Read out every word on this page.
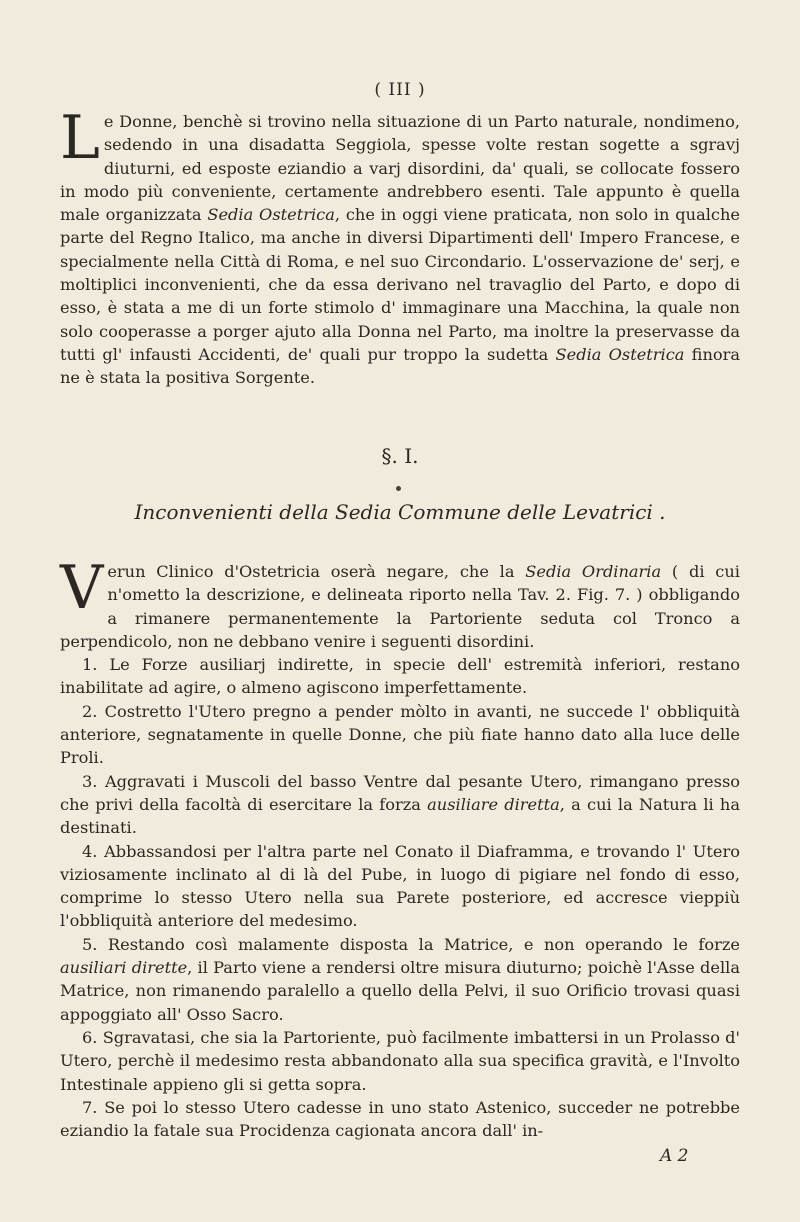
( III )
Le Donne, benchè si trovino nella situazione di un Parto naturale, nondimeno, sedendo in una disadatta Seggiola, spesse volte restan sogette a sgravj diuturni, ed esposte eziandio a varj disordini, da' quali, se collocate fossero in modo più conveniente, certamente andrebbero esenti. Tale appunto è quella male organizzata Sedia Ostetrica, che in oggi viene praticata, non solo in qualche parte del Regno Italico, ma anche in diversi Dipartimenti dell' Impero Francese, e specialmente nella Città di Roma, e nel suo Circondario. L'osservazione de' serj, e moltiplici inconvenienti, che da essa derivano nel travaglio del Parto, e dopo di esso, è stata a me di un forte stimolo d' immaginare una Macchina, la quale non solo cooperasse a porger ajuto alla Donna nel Parto, ma inoltre la preservasse da tutti gl' infausti Accidenti, de' quali pur troppo la sudetta Sedia Ostetrica finora ne è stata la positiva Sorgente.
§. I.
Inconvenienti della Sedia Commune delle Levatrici .
Verun Clinico d'Ostetricia oserà negare, che la Sedia Ordinaria ( di cui n'ometto la descrizione, e delineata riporto nella Tav. 2. Fig. 7. ) obbligando a rimanere permanentemente la Partoriente seduta col Tronco a perpendicolo, non ne debbano venire i seguenti disordini.
1. Le Forze ausiliarj indirette, in specie dell' estremità inferiori, restano inabilitate ad agire, o almeno agiscono imperfettamente.
2. Costretto l'Utero pregno a pender mòlto in avanti, ne succede l' obbliquità anteriore, segnatamente in quelle Donne, che più fiate hanno dato alla luce delle Proli.
3. Aggravati i Muscoli del basso Ventre dal pesante Utero, rimangano presso che privi della facoltà di esercitare la forza ausiliare diretta, a cui la Natura li ha destinati.
4. Abbassandosi per l'altra parte nel Conato il Diaframma, e trovando l' Utero viziosamente inclinato al di là del Pube, in luogo di pigiare nel fondo di esso, comprime lo stesso Utero nella sua Parete posteriore, ed accresce vieppiù l'obbliquità anteriore del medesimo.
5. Restando così malamente disposta la Matrice, e non operando le forze ausiliari dirette, il Parto viene a rendersi oltre misura diuturno; poichè l'Asse della Matrice, non rimanendo paralello a quello della Pelvi, il suo Orificio trovasi quasi appoggiato all' Osso Sacro.
6. Sgravatasi, che sia la Partoriente, può facilmente imbattersi in un Prolasso d' Utero, perchè il medesimo resta abbandonato alla sua specifica gravità, e l'Involto Intestinale appieno gli si getta sopra.
7. Se poi lo stesso Utero cadesse in uno stato Astenico, succeder ne potrebbe eziandio la fatale sua Procidenza cagionata ancora dall' in-
A 2
